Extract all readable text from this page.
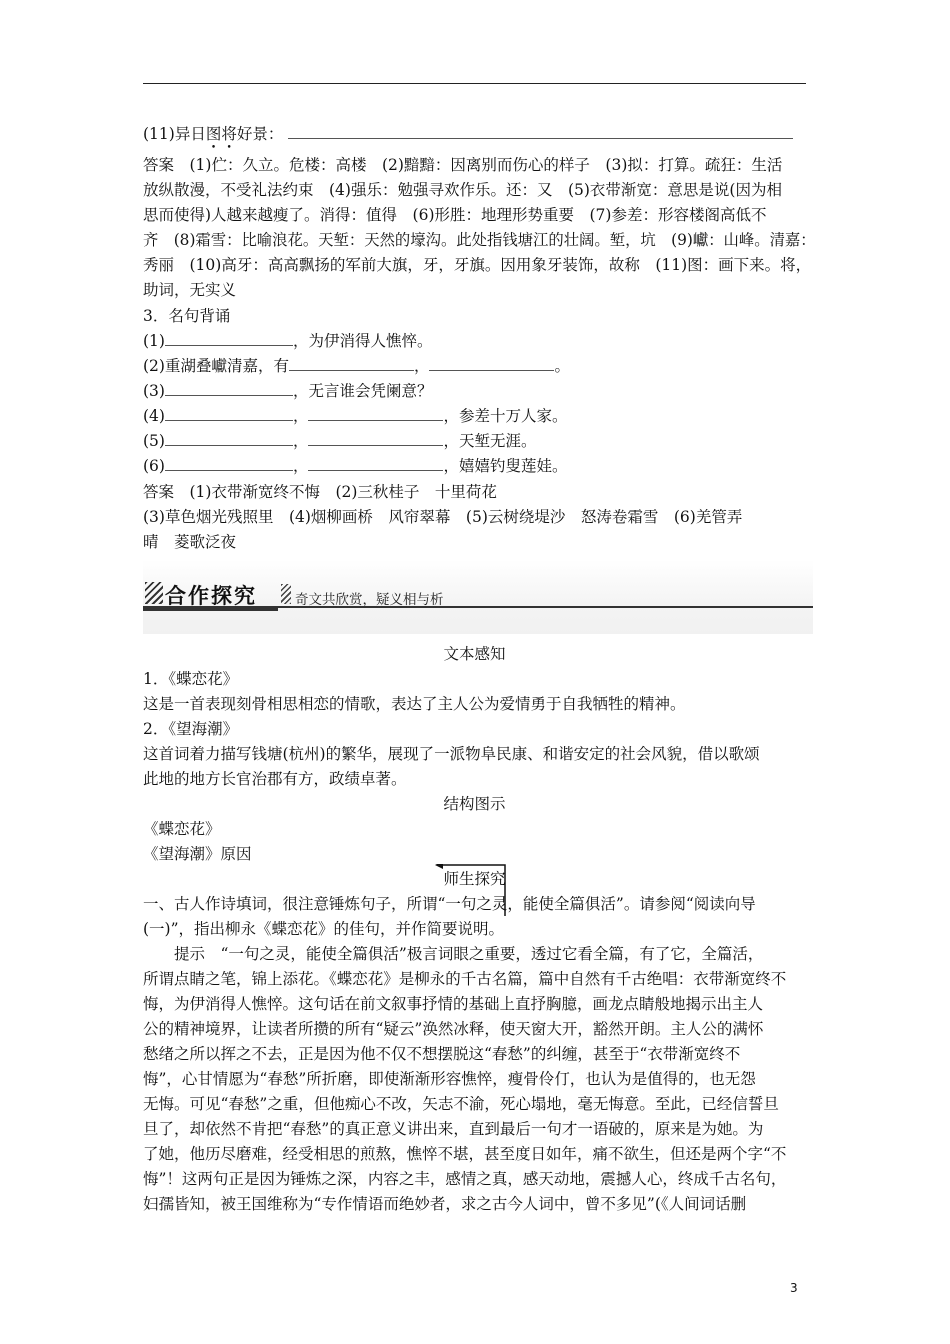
(11)异日图将好景：
答案　(1)伫：久立。危楼：高楼　(2)黯黯：因离别而伤心的样子　(3)拟：打算。疏狂：生活
放纵散漫，不受礼法约束　(4)强乐：勉强寻欢作乐。还：又　(5)衣带渐宽：意思是说(因为相
思而使得)人越来越瘦了。消得：值得　(6)形胜：地理形势重要　(7)参差：形容楼阁高低不
齐　(8)霜雪：比喻浪花。天堑：天然的壕沟。此处指钱塘江的壮阔。堑，坑　(9)巘：山峰。清嘉：
秀丽　(10)高牙：高高飘扬的军前大旗，牙，牙旗。因用象牙装饰，故称　(11)图：画下来。将，
助词，无实义
3．名句背诵
(1)	，为伊消得人憔悴。
(2)重湖叠巘清嘉，有	，	。
(3)	，无言谁会凭阑意？
(4)	，	，参差十万人家。
(5)	，	，天堑无涯。
(6)	，	，嬉嬉钓叟莲娃。
答案　(1)衣带渐宽终不悔　(2)三秋桂子　十里荷花
(3)草色烟光残照里　(4)烟柳画桥　风帘翠幕　(5)云树绕堤沙　怒涛卷霜雪　(6)羌管弄
晴　菱歌泛夜
合作探究	奇文共欣赏，疑义相与析
文本感知
1．《蝶恋花》
这是一首表现刻骨相思相恋的情歌，表达了主人公为爱情勇于自我牺牲的精神。
2．《望海潮》
这首词着力描写钱塘(杭州)的繁华，展现了一派物阜民康、和谐安定的社会风貌，借以歌颂
此地的地方长官治郡有方，政绩卓著。
结构图示
《蝶恋花》
《望海潮》原因
师生探究
一、古人作诗填词，很注意锤炼句子，所谓“一句之灵，能使全篇俱活”。请参阅“阅读向导
(一)”，指出柳永《蝶恋花》的佳句，并作简要说明。
　　提示　“一句之灵，能使全篇俱活”极言词眼之重要，透过它看全篇，有了它，全篇活，
所谓点睛之笔，锦上添花。《蝶恋花》是柳永的千古名篇，篇中自然有千古绝唱：衣带渐宽终不
悔，为伊消得人憔悴。这句话在前文叙事抒情的基础上直抒胸臆，画龙点睛般地揭示出主人
公的精神境界，让读者所攒的所有“疑云”涣然冰释，使天窗大开，豁然开朗。主人公的满怀
愁绪之所以挥之不去，正是因为他不仅不想摆脱这“春愁”的纠缠，甚至于“衣带渐宽终不
悔”，心甘情愿为“春愁”所折磨，即使渐渐形容憔悴，瘦骨伶仃，也认为是值得的，也无怨
无悔。可见“春愁”之重，但他痴心不改，矢志不渝，死心塌地，毫无悔意。至此，已经信誓旦
旦了，却依然不肯把“春愁”的真正意义讲出来，直到最后一句才一语破的，原来是为她。为
了她，他历尽磨难，经受相思的煎熬，憔悴不堪，甚至度日如年，痛不欲生，但还是两个字“不
悔”！这两句正是因为锤炼之深，内容之丰，感情之真，感天动地，震撼人心，终成千古名句，
妇孺皆知，被王国维称为“专作情语而绝妙者，求之古今人词中，曾不多见”(《人间词话删
3
